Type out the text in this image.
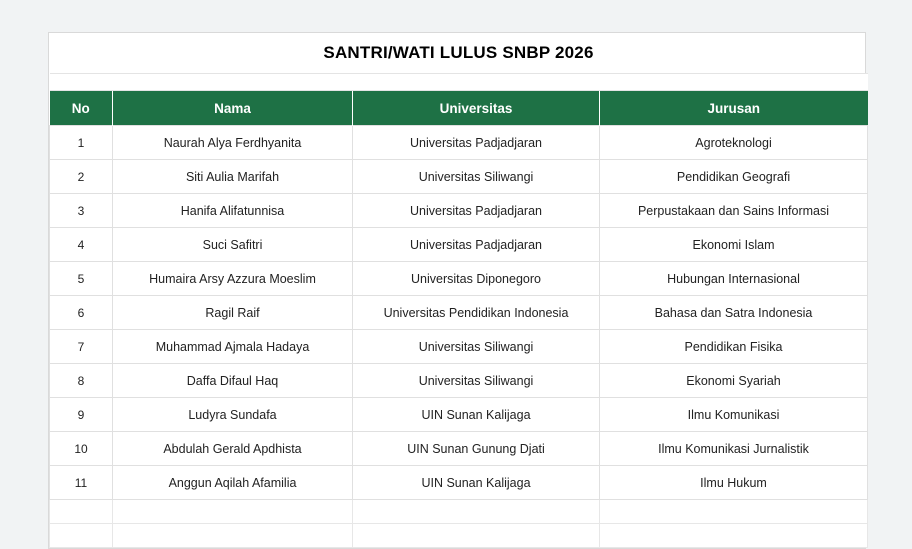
SANTRI/WATI LULUS SNBP 2026			

No	Nama	Universitas	Jurusan
1	Naurah Alya Ferdhyanita	Universitas Padjadjaran	Agroteknologi
2	Siti Aulia Marifah	Universitas Siliwangi	Pendidikan Geografi
3	Hanifa Alifatunnisa	Universitas Padjadjaran	Perpustakaan dan Sains Informasi
4	Suci Safitri	Universitas Padjadjaran	Ekonomi Islam
5	Humaira Arsy Azzura Moeslim	Universitas Diponegoro	Hubungan Internasional
6	Ragil Raif	Universitas Pendidikan Indonesia	Bahasa dan Satra Indonesia
7	Muhammad Ajmala Hadaya	Universitas Siliwangi	Pendidikan Fisika
8	Daffa Difaul Haq	Universitas Siliwangi	Ekonomi Syariah
9	Ludyra Sundafa	UIN Sunan Kalijaga	Ilmu Komunikasi
10	Abdulah Gerald Apdhista	UIN Sunan Gunung Djati	Ilmu Komunikasi Jurnalistik
11	Anggun Aqilah Afamilia	UIN Sunan Kalijaga	Ilmu Hukum
